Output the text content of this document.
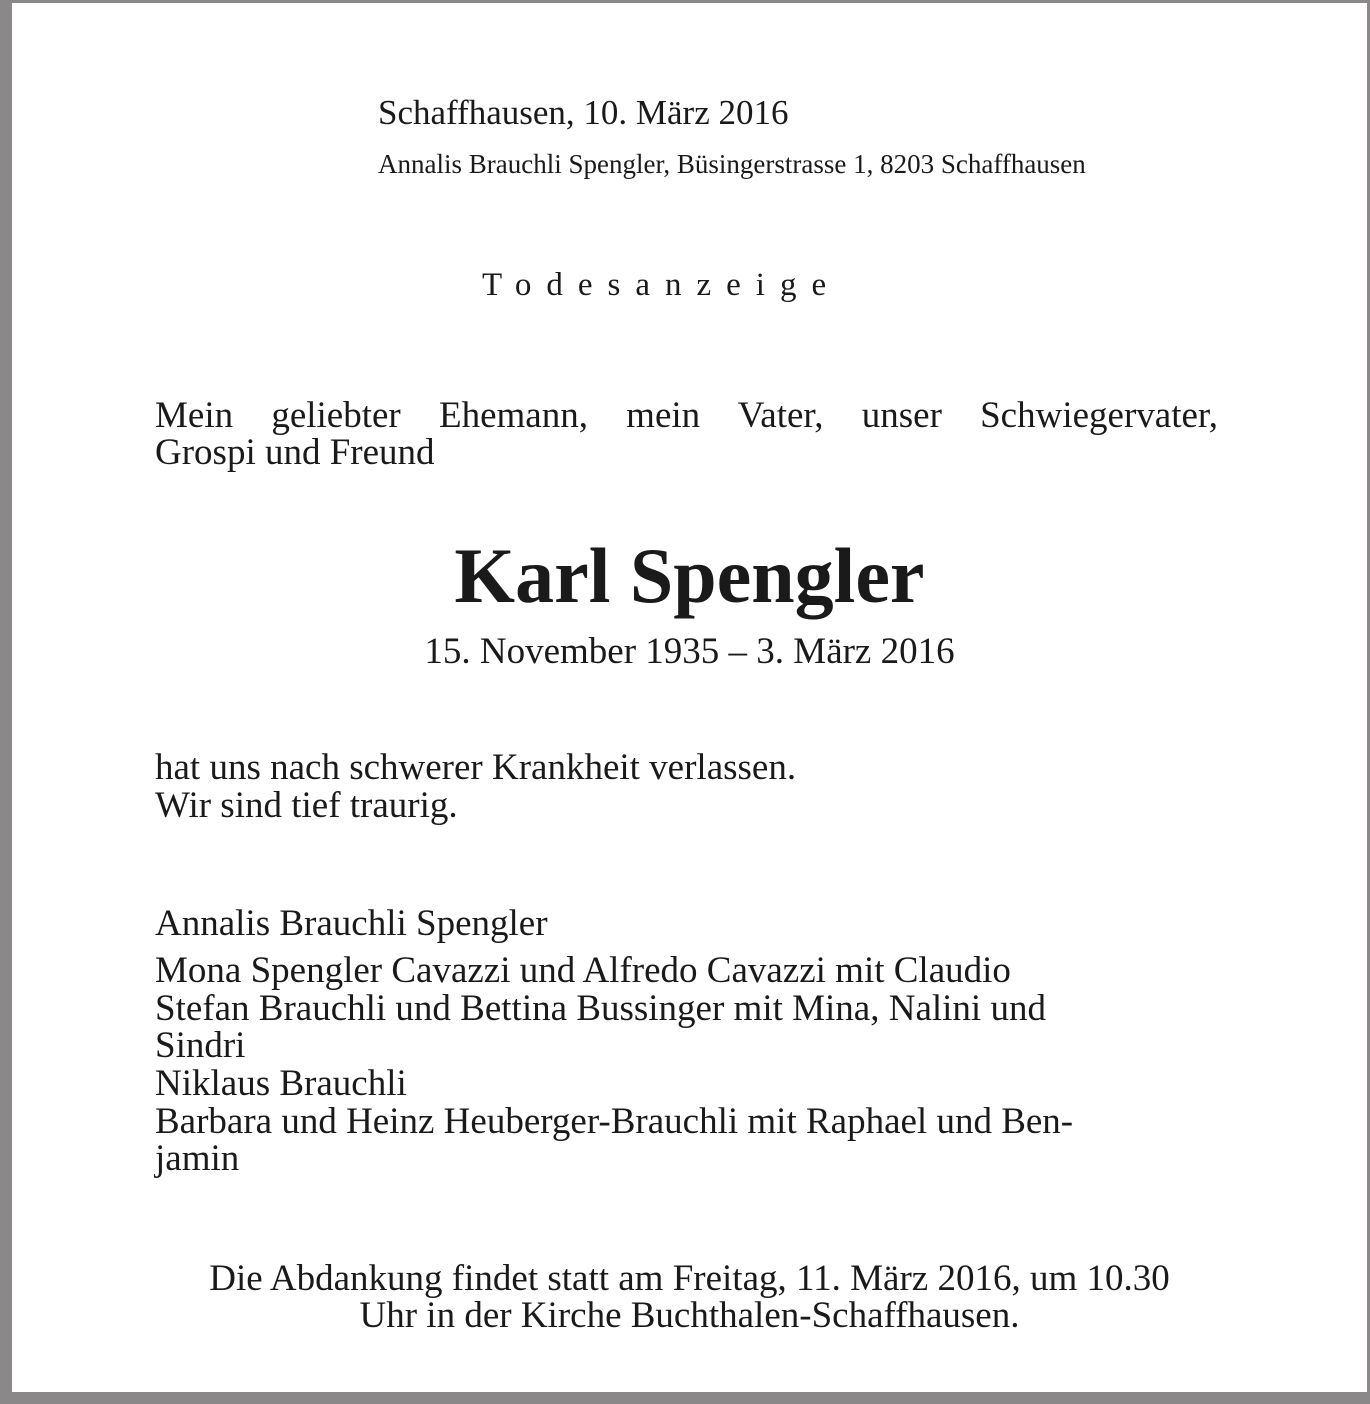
Schaffhausen, 10. März 2016
Annalis Brauchli Spengler, Büsingerstrasse 1, 8203 Schaffhausen
Todesanzeige
Mein geliebter Ehemann, mein Vater, unser Schwiegervater,
Grospi und Freund
Karl Spengler
15. November 1935 – 3. März 2016
hat uns nach schwerer Krankheit verlassen.
Wir sind tief traurig.
Annalis Brauchli Spengler
Mona Spengler Cavazzi und Alfredo Cavazzi mit Claudio
Stefan Brauchli und Bettina Bussinger mit Mina, Nalini und
Sindri
Niklaus Brauchli
Barbara und Heinz Heuberger-Brauchli mit Raphael und Ben-
jamin
Die Abdankung findet statt am Freitag, 11. März 2016, um 10.30
Uhr in der Kirche Buchthalen-Schaffhausen.
